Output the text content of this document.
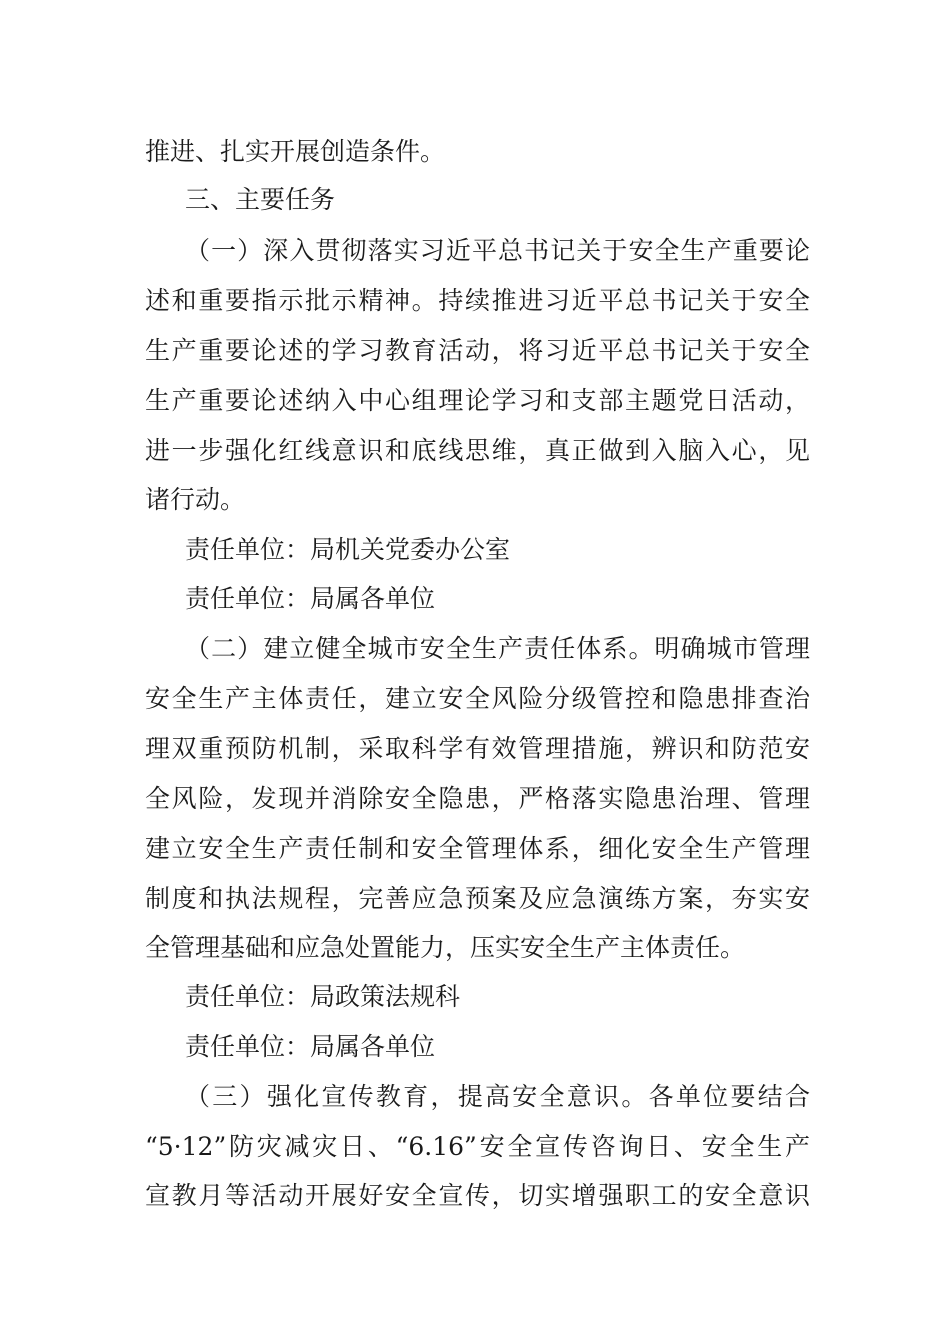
推进、扎实开展创造条件。
三、主要任务
（一）深入贯彻落实习近平总书记关于安全生产重要论
述和重要指示批示精神。持续推进习近平总书记关于安全
生产重要论述的学习教育活动，将习近平总书记关于安全
生产重要论述纳入中心组理论学习和支部主题党日活动，
进一步强化红线意识和底线思维，真正做到入脑入心，见
诸行动。
责任单位：局机关党委办公室
责任单位：局属各单位
（二）建立健全城市安全生产责任体系。明确城市管理
安全生产主体责任，建立安全风险分级管控和隐患排查治
理双重预防机制，采取科学有效管理措施，辨识和防范安
全风险，发现并消除安全隐患，严格落实隐患治理、管理
建立安全生产责任制和安全管理体系，细化安全生产管理
制度和执法规程，完善应急预案及应急演练方案，夯实安
全管理基础和应急处置能力，压实安全生产主体责任。
责任单位：局政策法规科
责任单位：局属各单位
（三）强化宣传教育，提高安全意识。各单位要结合
“5·12”防灾减灾日、“6.16”安全宣传咨询日、安全生产
宣教月等活动开展好安全宣传，切实增强职工的安全意识
